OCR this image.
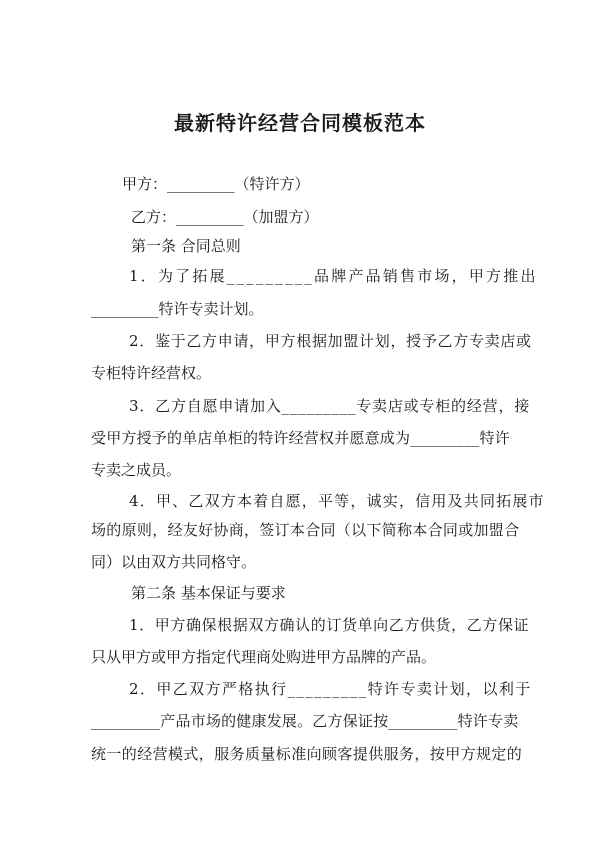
最新特许经营合同模板范本
甲方：_________（特许方）
乙方：_________（加盟方）
第一条 合同总则
1．为了拓展_________品牌产品销售市场，甲方推出
_________特许专卖计划。
2．鉴于乙方申请，甲方根据加盟计划，授予乙方专卖店或
专柜特许经营权。
3．乙方自愿申请加入_________专卖店或专柜的经营，接
受甲方授予的单店单柜的特许经营权并愿意成为_________特许
专卖之成员。
4．甲、乙双方本着自愿，平等，诚实，信用及共同拓展市
场的原则，经友好协商，签订本合同（以下简称本合同或加盟合
同）以由双方共同格守。
第二条 基本保证与要求
1．甲方确保根据双方确认的订货单向乙方供货，乙方保证
只从甲方或甲方指定代理商处购进甲方品牌的产品。
2．甲乙双方严格执行_________特许专卖计划，以利于
_________产品市场的健康发展。乙方保证按_________特许专卖
统一的经营模式，服务质量标准向顾客提供服务，按甲方规定的
